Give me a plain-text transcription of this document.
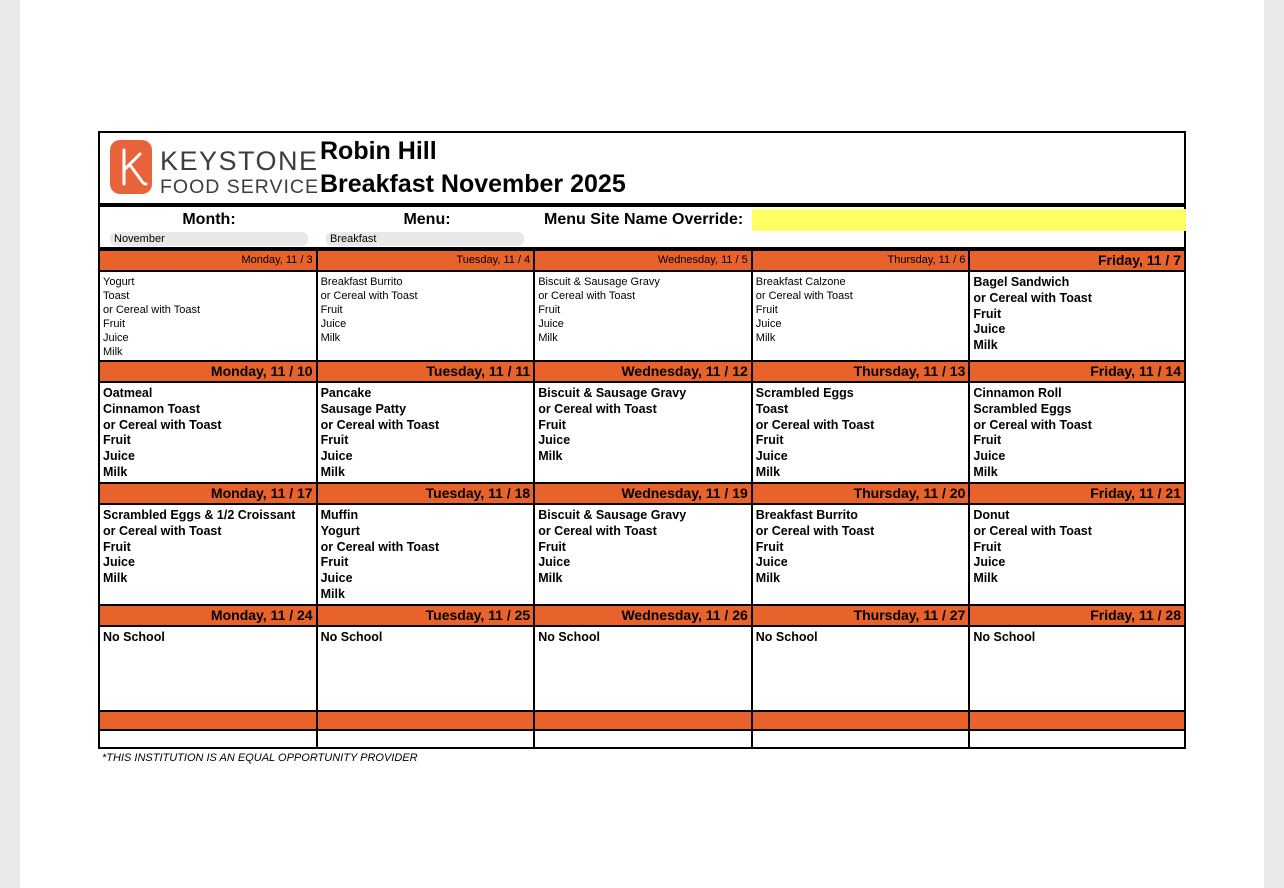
KEYSTONE
FOOD SERVICE
Robin Hill
Breakfast November 2025
Month:
November
Menu:
Breakfast
Menu Site Name Override:
Monday, 11 / 3
Yogurt
Toast
or Cereal with Toast
Fruit
Juice
Milk
Tuesday, 11 / 4
Breakfast Burrito
or Cereal with Toast
Fruit
Juice
Milk
Wednesday, 11 / 5
Biscuit & Sausage Gravy
or Cereal with Toast
Fruit
Juice
Milk
Thursday, 11 / 6
Breakfast Calzone
or Cereal with Toast
Fruit
Juice
Milk
Friday, 11 / 7
Bagel Sandwich
or Cereal with Toast
Fruit
Juice
Milk
Monday, 11 / 10
Oatmeal
Cinnamon Toast
or Cereal with Toast
Fruit
Juice
Milk
Tuesday, 11 / 11
Pancake
Sausage Patty
or Cereal with Toast
Fruit
Juice
Milk
Wednesday, 11 / 12
Biscuit & Sausage Gravy
or Cereal with Toast
Fruit
Juice
Milk
Thursday, 11 / 13
Scrambled Eggs
Toast
or Cereal with Toast
Fruit
Juice
Milk
Friday, 11 / 14
Cinnamon Roll
Scrambled Eggs
or Cereal with Toast
Fruit
Juice
Milk
Monday, 11 / 17
Scrambled Eggs & 1/2 Croissant
or Cereal with Toast
Fruit
Juice
Milk
Tuesday, 11 / 18
Muffin
Yogurt
or Cereal with Toast
Fruit
Juice
Milk
Wednesday, 11 / 19
Biscuit & Sausage Gravy
or Cereal with Toast
Fruit
Juice
Milk
Thursday, 11 / 20
Breakfast Burrito
or Cereal with Toast
Fruit
Juice
Milk
Friday, 11 / 21
Donut
or Cereal with Toast
Fruit
Juice
Milk
Monday, 11 / 24
No School
Tuesday, 11 / 25
No School
Wednesday, 11 / 26
No School
Thursday, 11 / 27
No School
Friday, 11 / 28
No School
*THIS INSTITUTION IS AN EQUAL OPPORTUNITY PROVIDER
